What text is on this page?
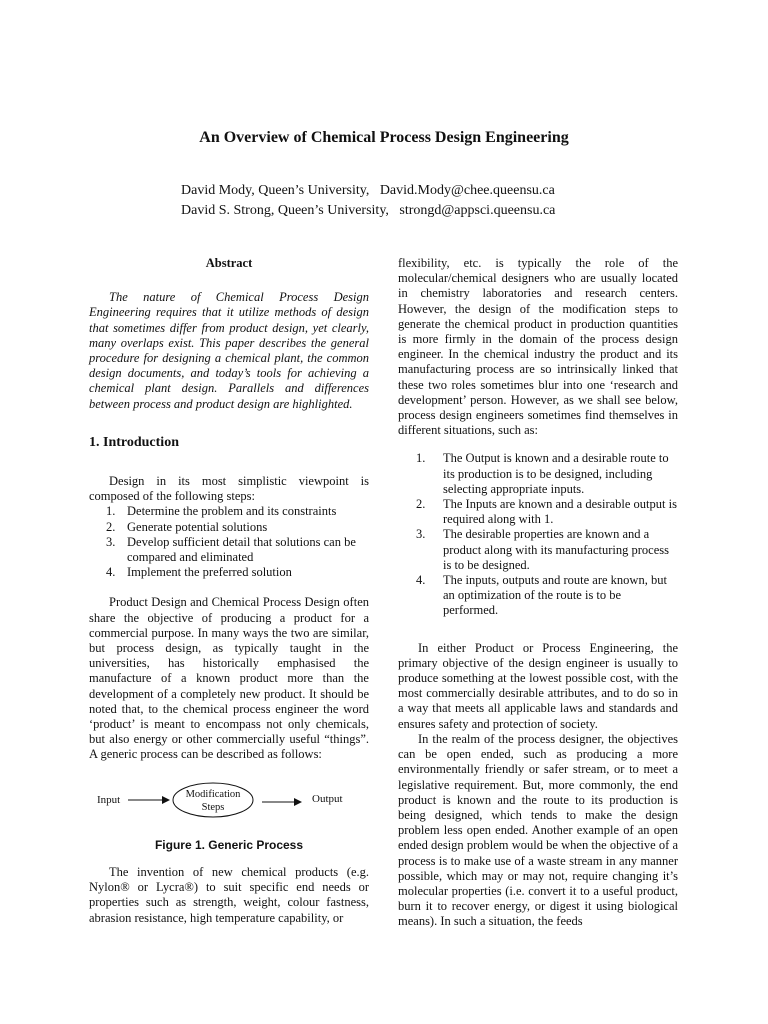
An Overview of Chemical Process Design Engineering
David Mody, Queen’s University,   David.Mody@chee.queensu.ca
David S. Strong, Queen’s University,   strongd@appsci.queensu.ca
Abstract

The nature of Chemical Process Design Engineering requires that it utilize methods of design that sometimes differ from product design, yet clearly, many overlaps exist. This paper describes the general procedure for designing a chemical plant, the common design documents, and today’s tools for achieving a chemical plant design. Parallels and differences between process and product design are highlighted.

1. Introduction

Design in its most simplistic viewpoint is composed of the following steps:

1. Determine the problem and its constraints
2. Generate potential solutions
3. Develop sufficient detail that solutions can be compared and eliminated
4. Implement the preferred solution

Product Design and Chemical Process Design often share the objective of producing a product for a commercial purpose. In many ways the two are similar, but process design, as typically taught in the universities, has historically emphasised the manufacture of a known product more than the development of a completely new product. It should be noted that, to the chemical process engineer the word ‘product’ is meant to encompass not only chemicals, but also energy or other commercially useful “things”. A generic process can be described as follows:

Input	Modification
Steps
Output
Figure 1. Generic Process

The invention of new chemical products (e.g. Nylon® or Lycra®) to suit specific end needs or properties such as strength, weight, colour fastness, abrasion resistance, high temperature capability, or

flexibility, etc. is typically the role of the molecular/chemical designers who are usually located in chemistry laboratories and research centers. However, the design of the modification steps to generate the chemical product in production quantities is more firmly in the domain of the process design engineer. In the chemical industry the product and its manufacturing process are so intrinsically linked that these two roles sometimes blur into one ‘research and development’ person. However, as we shall see below, process design engineers sometimes find themselves in different situations, such as:

1. The Output is known and a desirable route to its production is to be designed, including selecting appropriate inputs.
2. The Inputs are known and a desirable output is required along with 1.
3. The desirable properties are known and a product along with its manufacturing process is to be designed.
4. The inputs, outputs and route are known, but an optimization of the route is to be performed.

In either Product or Process Engineering, the primary objective of the design engineer is usually to produce something at the lowest possible cost, with the most commercially desirable attributes, and to do so in a way that meets all applicable laws and standards and ensures safety and protection of society.

In the realm of the process designer, the objectives can be open ended, such as producing a more environmentally friendly or safer stream, or to meet a legislative requirement. But, more commonly, the end product is known and the route to its production is being designed, which tends to make the design problem less open ended. Another example of an open ended design problem would be when the objective of a process is to make use of a waste stream in any manner possible, which may or may not, require changing it’s molecular properties (i.e. convert it to a useful product, burn it to recover energy, or digest it using biological means). In such a situation, the feeds
